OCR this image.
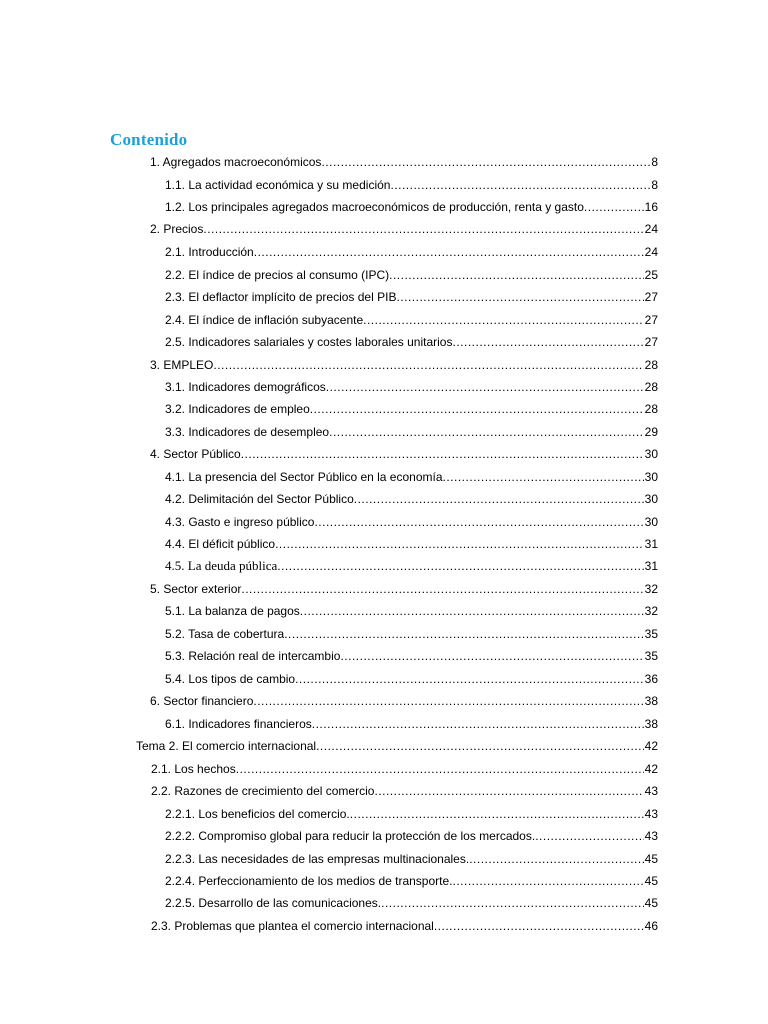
Contenido
1. Agregados macroeconómicos .....	8
1.1. La actividad económica y su medición .....	8
1.2. Los principales agregados macroeconómicos de producción, renta y gasto .....	16
2. Precios .....	24
2.1. Introducción .....	24
2.2. El índice de precios al consumo (IPC) .....	25
2.3. El deflactor implícito de precios del PIB .....	27
2.4. El índice de inflación subyacente .....	27
2.5. Indicadores salariales y costes laborales unitarios .....	27
3. EMPLEO .....	28
3.1. Indicadores demográficos .....	28
3.2. Indicadores de empleo .....	28
3.3. Indicadores de desempleo .....	29
4. Sector Público .....	30
4.1. La presencia del Sector Público en la economía .....	30
4.2. Delimitación del Sector Público .....	30
4.3. Gasto e ingreso público .....	30
4.4. El déficit público .....	31
4.5. La deuda pública .....	31
5. Sector exterior .....	32
5.1. La balanza de pagos .....	32
5.2. Tasa de cobertura .....	35
5.3. Relación real de intercambio .....	35
5.4. Los tipos de cambio .....	36
6. Sector financiero .....	38
6.1. Indicadores financieros .....	38
Tema 2. El comercio internacional .....	42
2.1. Los hechos .....	42
2.2. Razones de crecimiento del comercio .....	43
2.2.1. Los beneficios del comercio. .....	43
2.2.2. Compromiso global para reducir la protección de los mercados. .....	43
2.2.3. Las necesidades de las empresas multinacionales. .....	45
2.2.4. Perfeccionamiento de los medios de transporte. .....	45
2.2.5. Desarrollo de las comunicaciones. .....	45
2.3. Problemas que plantea el comercio internacional .....	46
